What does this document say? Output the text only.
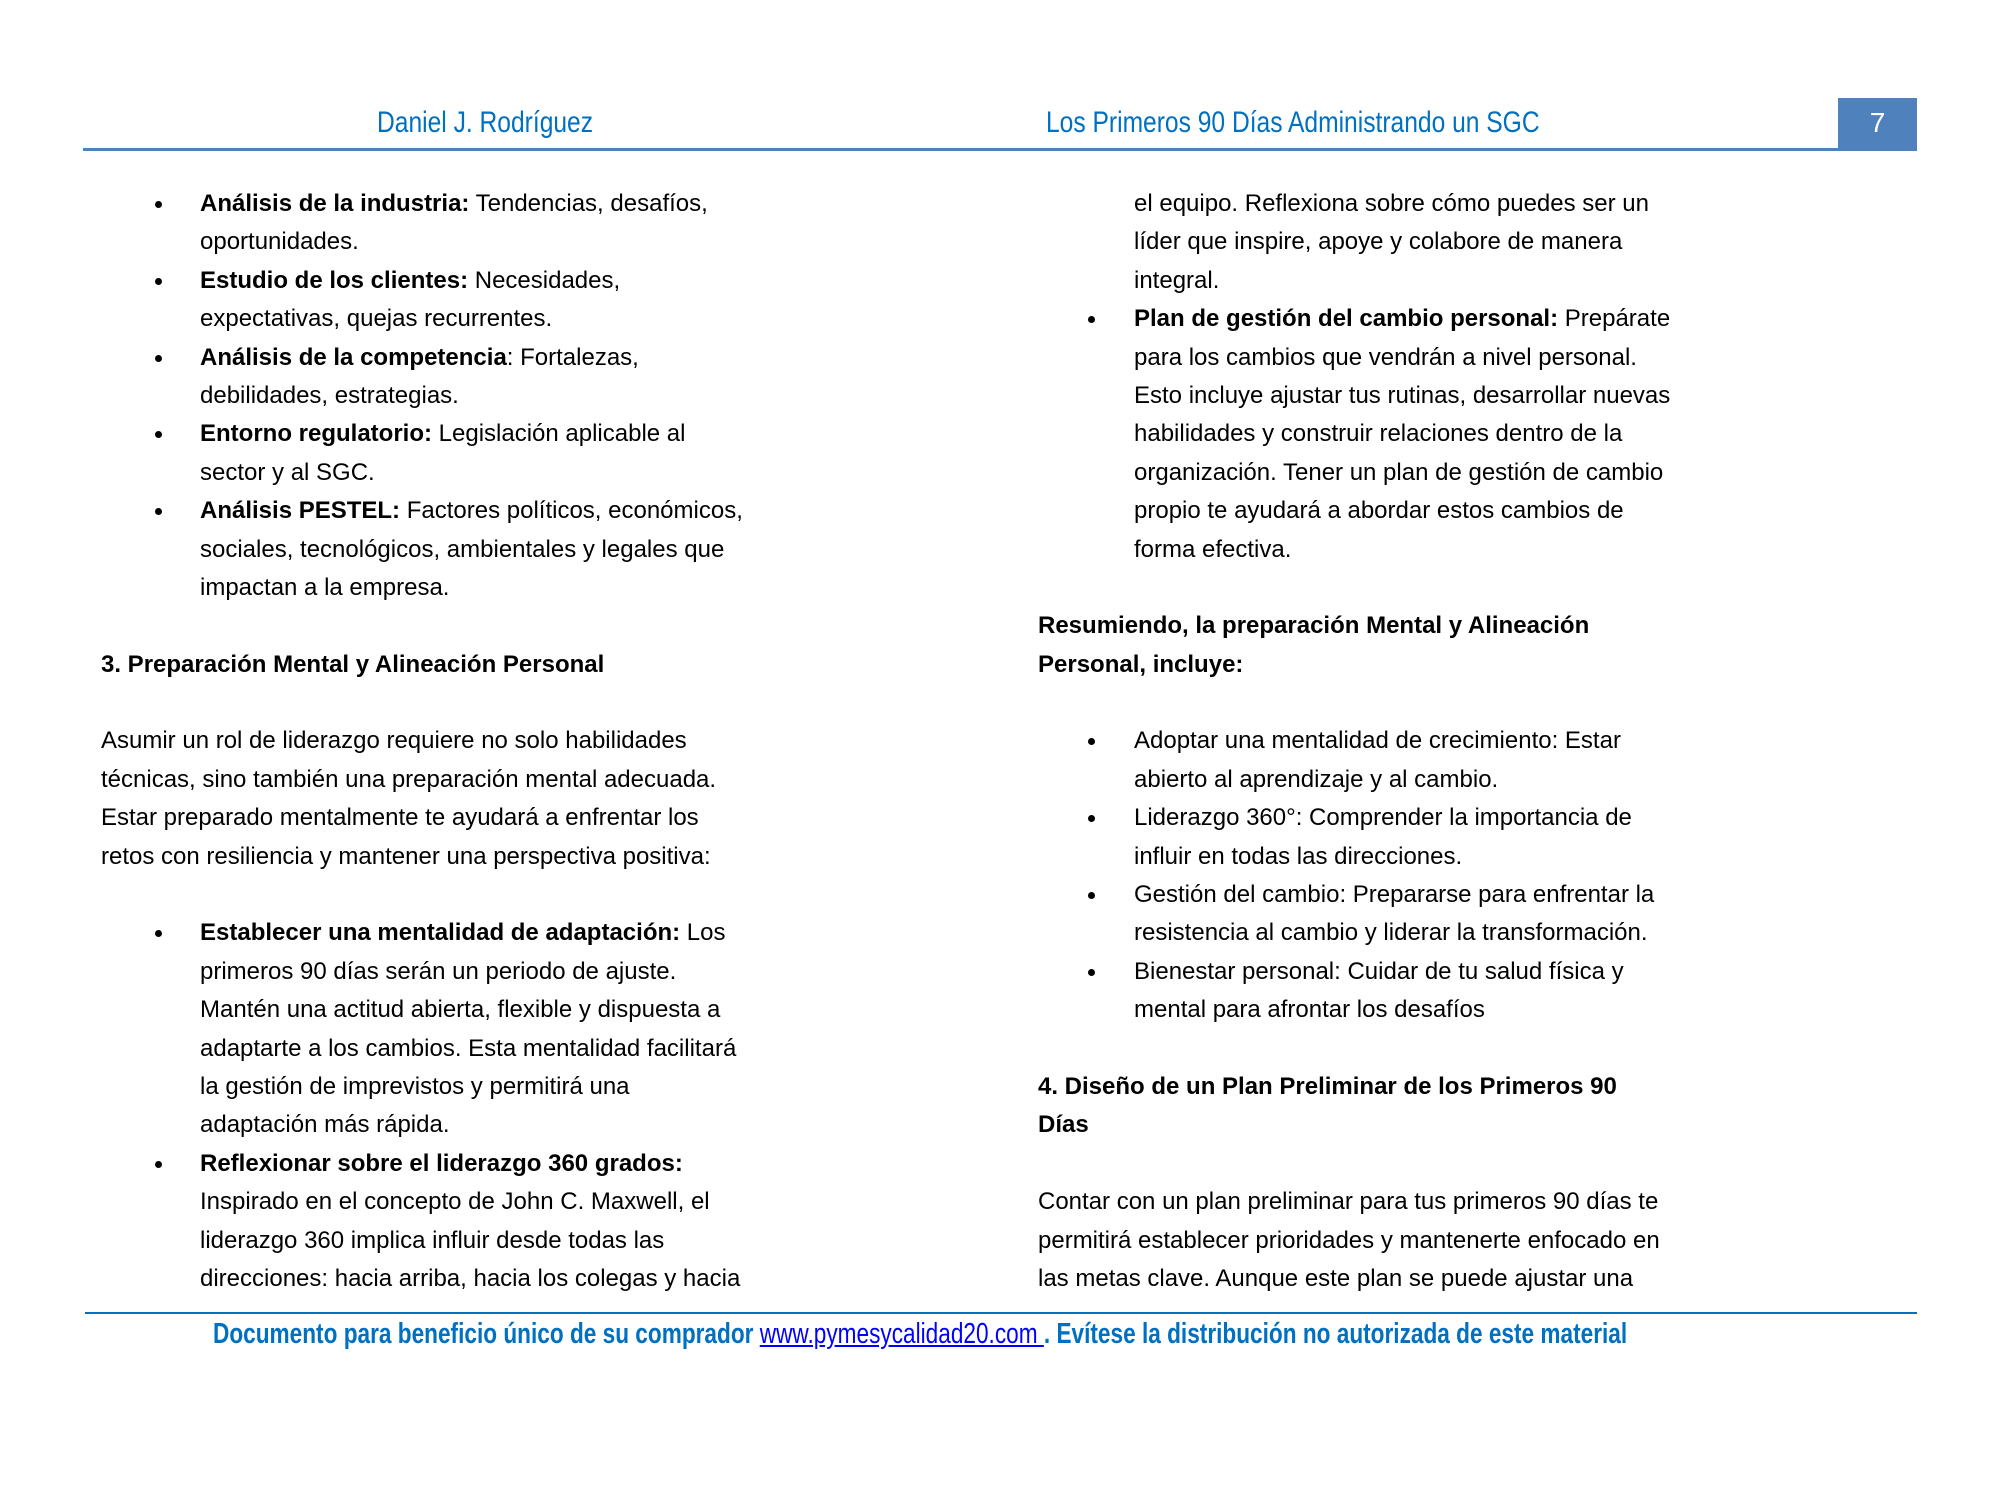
Daniel J. Rodríguez	Los Primeros 90 Días Administrando un SGC	7
Análisis de la industria: Tendencias, desafíos,
oportunidades.
Estudio de los clientes: Necesidades,
expectativas, quejas recurrentes.
Análisis de la competencia: Fortalezas,
debilidades, estrategias.
Entorno regulatorio: Legislación aplicable al
sector y al SGC.
Análisis PESTEL: Factores políticos, económicos,
sociales, tecnológicos, ambientales y legales que
impactan a la empresa.
3. Preparación Mental y Alineación Personal
Asumir un rol de liderazgo requiere no solo habilidades
técnicas, sino también una preparación mental adecuada.
Estar preparado mentalmente te ayudará a enfrentar los
retos con resiliencia y mantener una perspectiva positiva:
Establecer una mentalidad de adaptación: Los
primeros 90 días serán un periodo de ajuste.
Mantén una actitud abierta, flexible y dispuesta a
adaptarte a los cambios. Esta mentalidad facilitará
la gestión de imprevistos y permitirá una
adaptación más rápida.
Reflexionar sobre el liderazgo 360 grados:
Inspirado en el concepto de John C. Maxwell, el
liderazgo 360 implica influir desde todas las
direcciones: hacia arriba, hacia los colegas y hacia
el equipo. Reflexiona sobre cómo puedes ser un
líder que inspire, apoye y colabore de manera
integral.
Plan de gestión del cambio personal: Prepárate
para los cambios que vendrán a nivel personal.
Esto incluye ajustar tus rutinas, desarrollar nuevas
habilidades y construir relaciones dentro de la
organización. Tener un plan de gestión de cambio
propio te ayudará a abordar estos cambios de
forma efectiva.
Resumiendo, la preparación Mental y Alineación
Personal, incluye:
Adoptar una mentalidad de crecimiento: Estar
abierto al aprendizaje y al cambio.
Liderazgo 360°: Comprender la importancia de
influir en todas las direcciones.
Gestión del cambio: Prepararse para enfrentar la
resistencia al cambio y liderar la transformación.
Bienestar personal: Cuidar de tu salud física y
mental para afrontar los desafíos
4. Diseño de un Plan Preliminar de los Primeros 90
Días
Contar con un plan preliminar para tus primeros 90 días te
permitirá establecer prioridades y mantenerte enfocado en
las metas clave. Aunque este plan se puede ajustar una
Documento para beneficio único de su comprador www.pymesycalidad20.com . Evítese la distribución no autorizada de este material
